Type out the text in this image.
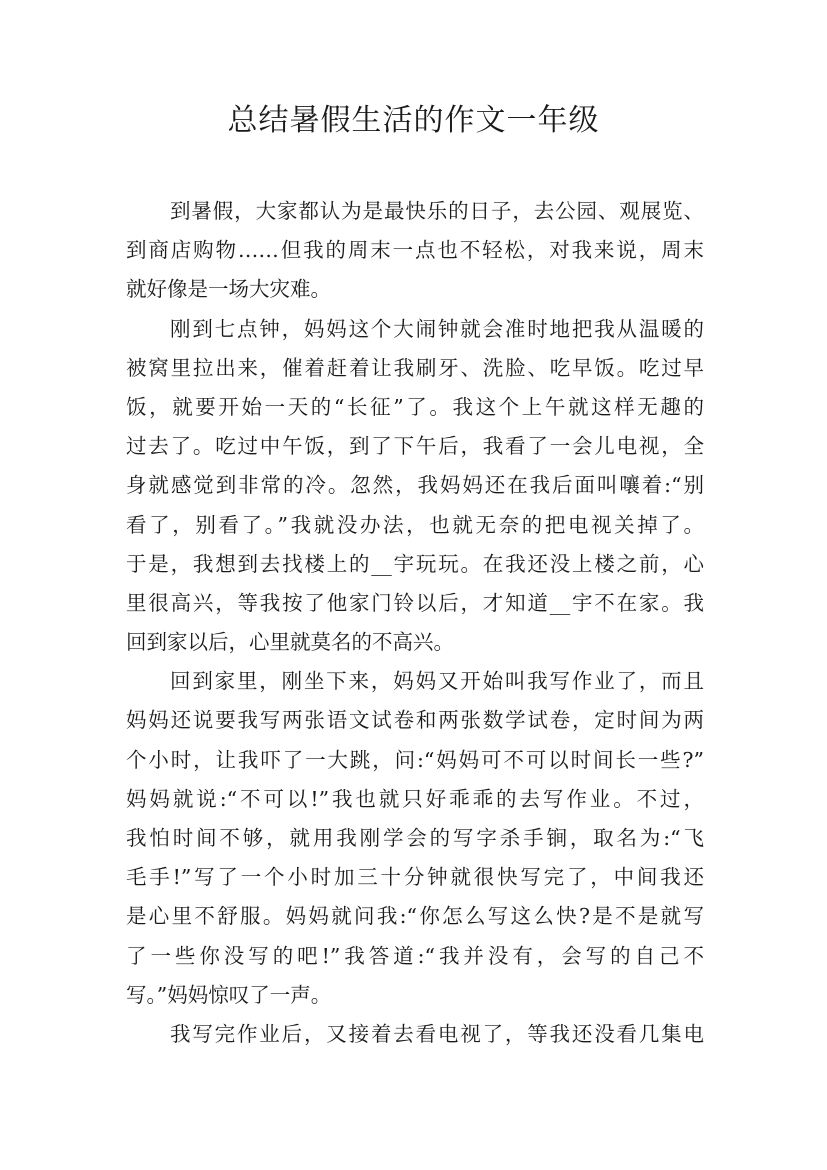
总结暑假生活的作文一年级
到暑假，大家都认为是最快乐的日子，去公园、观展览、
到商店购物……但我的周末一点也不轻松，对我来说，周末
就好像是一场大灾难。
刚到七点钟，妈妈这个大闹钟就会准时地把我从温暖的
被窝里拉出来，催着赶着让我刷牙、洗脸、吃早饭。吃过早
饭，就要开始一天的“长征”了。我这个上午就这样无趣的
过去了。吃过中午饭，到了下午后，我看了一会儿电视，全
身就感觉到非常的冷。忽然，我妈妈还在我后面叫嚷着:“别
看了，别看了。”我就没办法，也就无奈的把电视关掉了。
于是，我想到去找楼上的__宇玩玩。在我还没上楼之前，心
里很高兴，等我按了他家门铃以后，才知道__宇不在家。我
回到家以后，心里就莫名的不高兴。
回到家里，刚坐下来，妈妈又开始叫我写作业了，而且
妈妈还说要我写两张语文试卷和两张数学试卷，定时间为两
个小时，让我吓了一大跳，问:“妈妈可不可以时间长一些?”
妈妈就说:“不可以!”我也就只好乖乖的去写作业。不过，
我怕时间不够，就用我刚学会的写字杀手锏，取名为:“飞
毛手!”写了一个小时加三十分钟就很快写完了，中间我还
是心里不舒服。妈妈就问我:“你怎么写这么快?是不是就写
了一些你没写的吧!”我答道:“我并没有，会写的自己不
写。”妈妈惊叹了一声。
我写完作业后，又接着去看电视了，等我还没看几集电
